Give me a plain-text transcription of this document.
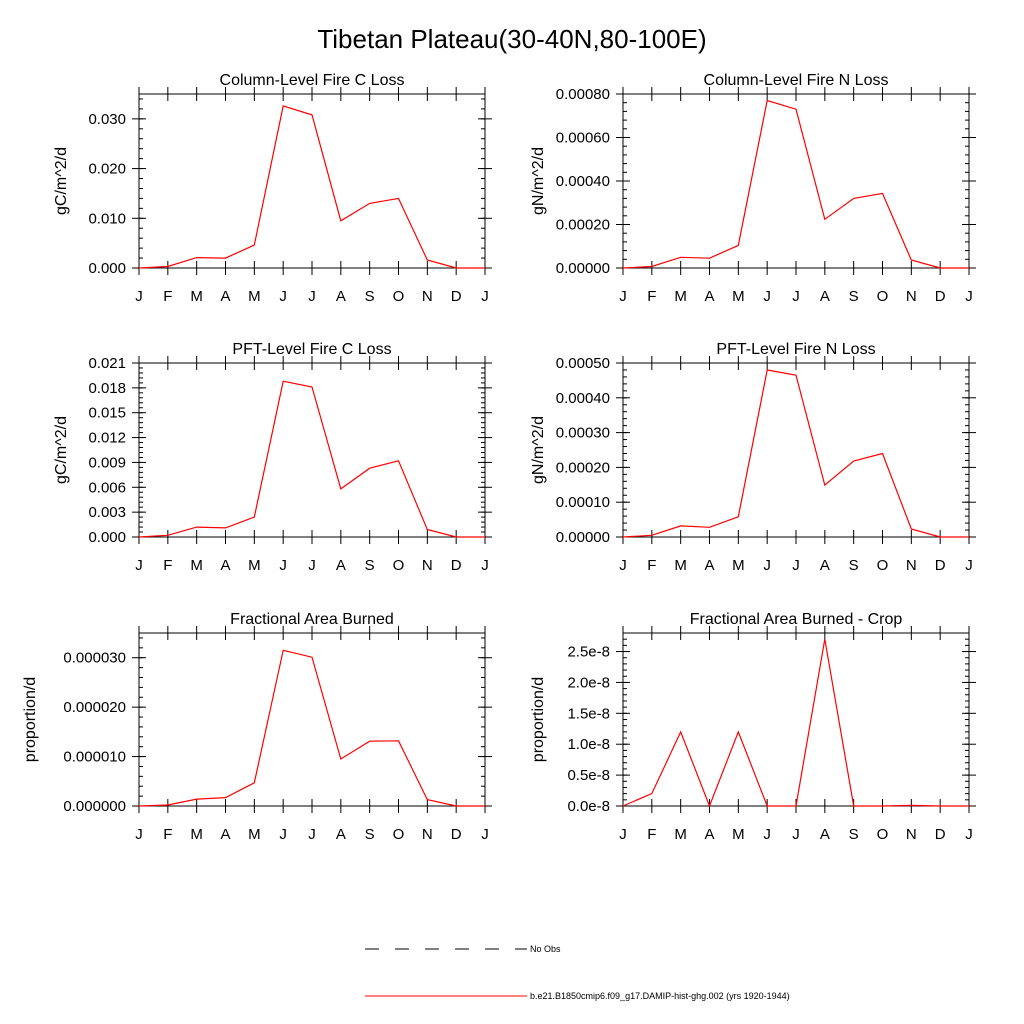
Tibetan Plateau(30-40N,80-100E)
Column-Level Fire C Loss
J F M A M J J A S O N D J
0.000
0.010
0.020
0.030
gC/m^2/d
Column-Level Fire N Loss
J F M A M J J A S O N D J
0.00000
0.00020
0.00040
0.00060
0.00080
gN/m^2/d
PFT-Level Fire C Loss
J F M A M J J A S O N D J
0.000
0.003
0.006
0.009
0.012
0.015
0.018
0.021
gC/m^2/d
PFT-Level Fire N Loss
J F M A M J J A S O N D J
0.00000
0.00010
0.00020
0.00030
0.00040
0.00050
gN/m^2/d
Fractional Area Burned
J F M A M J J A S O N D J
0.000000
0.000010
0.000020
0.000030
proportion/d
Fractional Area Burned - Crop
J F M A M J J A S O N D J
0.0e-8
0.5e-8
1.0e-8
1.5e-8
2.0e-8
2.5e-8
proportion/d
No Obs
b.e21.B1850cmip6.f09_g17.DAMIP-hist-ghg.002 (yrs 1920-1944)
